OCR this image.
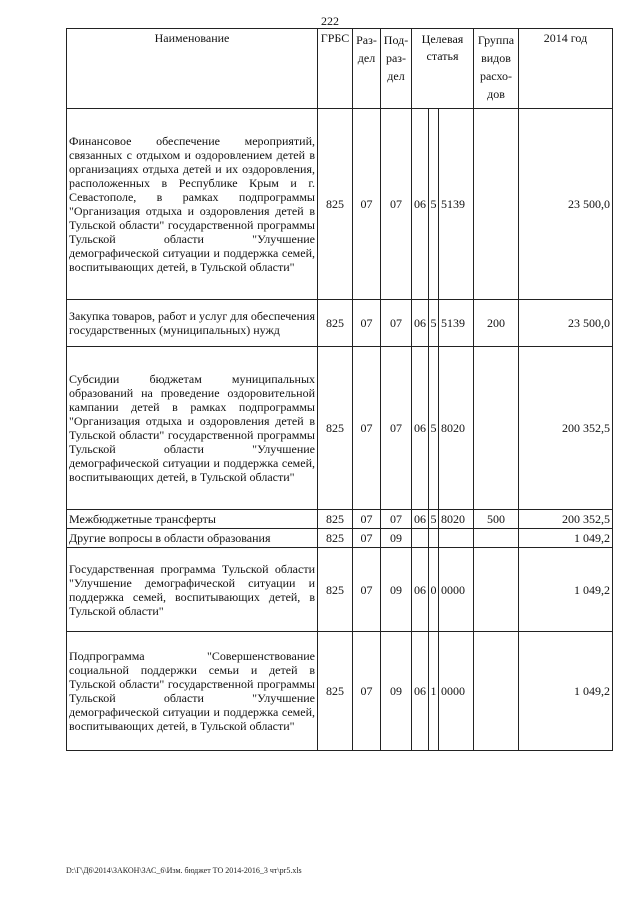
222
Наименование	ГРБС	Раз-дел	Под-раз-дел	Целевая статья			Группа видов расхо-дов	2014 год
Финансовое обеспечение мероприятий, связанных с отдыхом и оздоровлением детей в организациях отдыха детей и их оздоровления, расположенных в Республике Крым и г. Севастополе, в рамках подпрограммы "Организация отдыха и оздоровления детей в Тульской области" государственной программы Тульской области "Улучшение демографической ситуации и поддержка семей, воспитывающих детей, в Тульской области"	825	07	07	06	5	5139		23 500,0
Закупка товаров, работ и услуг для обеспечения государственных (муниципальных) нужд	825	07	07	06	5	5139	200	23 500,0
Субсидии бюджетам муниципальных образований на проведение оздоровительной кампании детей в рамках подпрограммы "Организация отдыха и оздоровления детей в Тульской области" государственной программы Тульской области "Улучшение демографической ситуации и поддержка семей, воспитывающих детей, в Тульской области"	825	07	07	06	5	8020		200 352,5
Межбюджетные трансферты	825	07	07	06	5	8020	500	200 352,5
Другие вопросы в области образования	825	07	09					1 049,2
Государственная программа Тульской области "Улучшение демографической ситуации и поддержка семей, воспитывающих детей, в Тульской области"	825	07	09	06	0	0000		1 049,2
Подпрограмма "Совершенствование социальной поддержки семьи и детей в Тульской области" государственной программы Тульской области "Улучшение демографической ситуации и поддержка семей, воспитывающих детей, в Тульской области"	825	07	09	06	1	0000		1 049,2
D:\Г\Д6\2014\ЗАКОН\ЗАС_6\Изм. бюджет ТО 2014-2016_3 чт\pr5.xls
